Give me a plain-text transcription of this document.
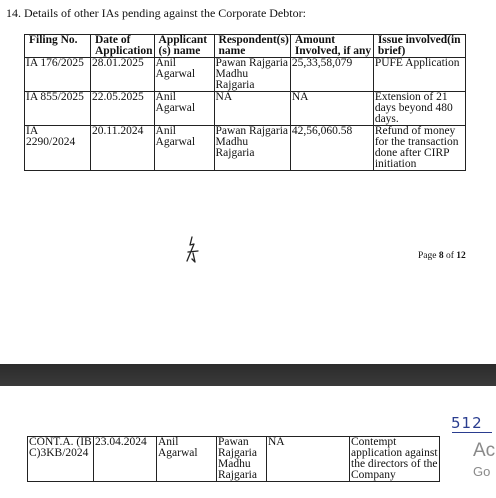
14. Details of other IAs pending against the Corporate Debtor:
Filing No.	Date of Application	Applicant (s) name	Respondent(s) name	Amount Involved, if any	Issue involved(in brief)
IA 176/2025	28.01.2025	Anil Agarwal	Pawan Rajgaria Madhu Rajgaria	25,33,58,079	PUFE Application
IA 855/2025	22.05.2025	Anil Agarwal	NA	NA	Extension of 21 days beyond 480 days.
IA 2290/2024	20.11.2024	Anil Agarwal	Pawan Rajgaria Madhu Rajgaria	42,56,060.58	Refund of money for the transaction done after CIRP initiation
Page 8 of 12
512
CONT.A. (IBC)3KB/2024	23.04.2024	Anil Agarwal	Pawan Rajgaria Madhu Rajgaria	NA	Contempt application against the directors of the Company
Ac
Go
